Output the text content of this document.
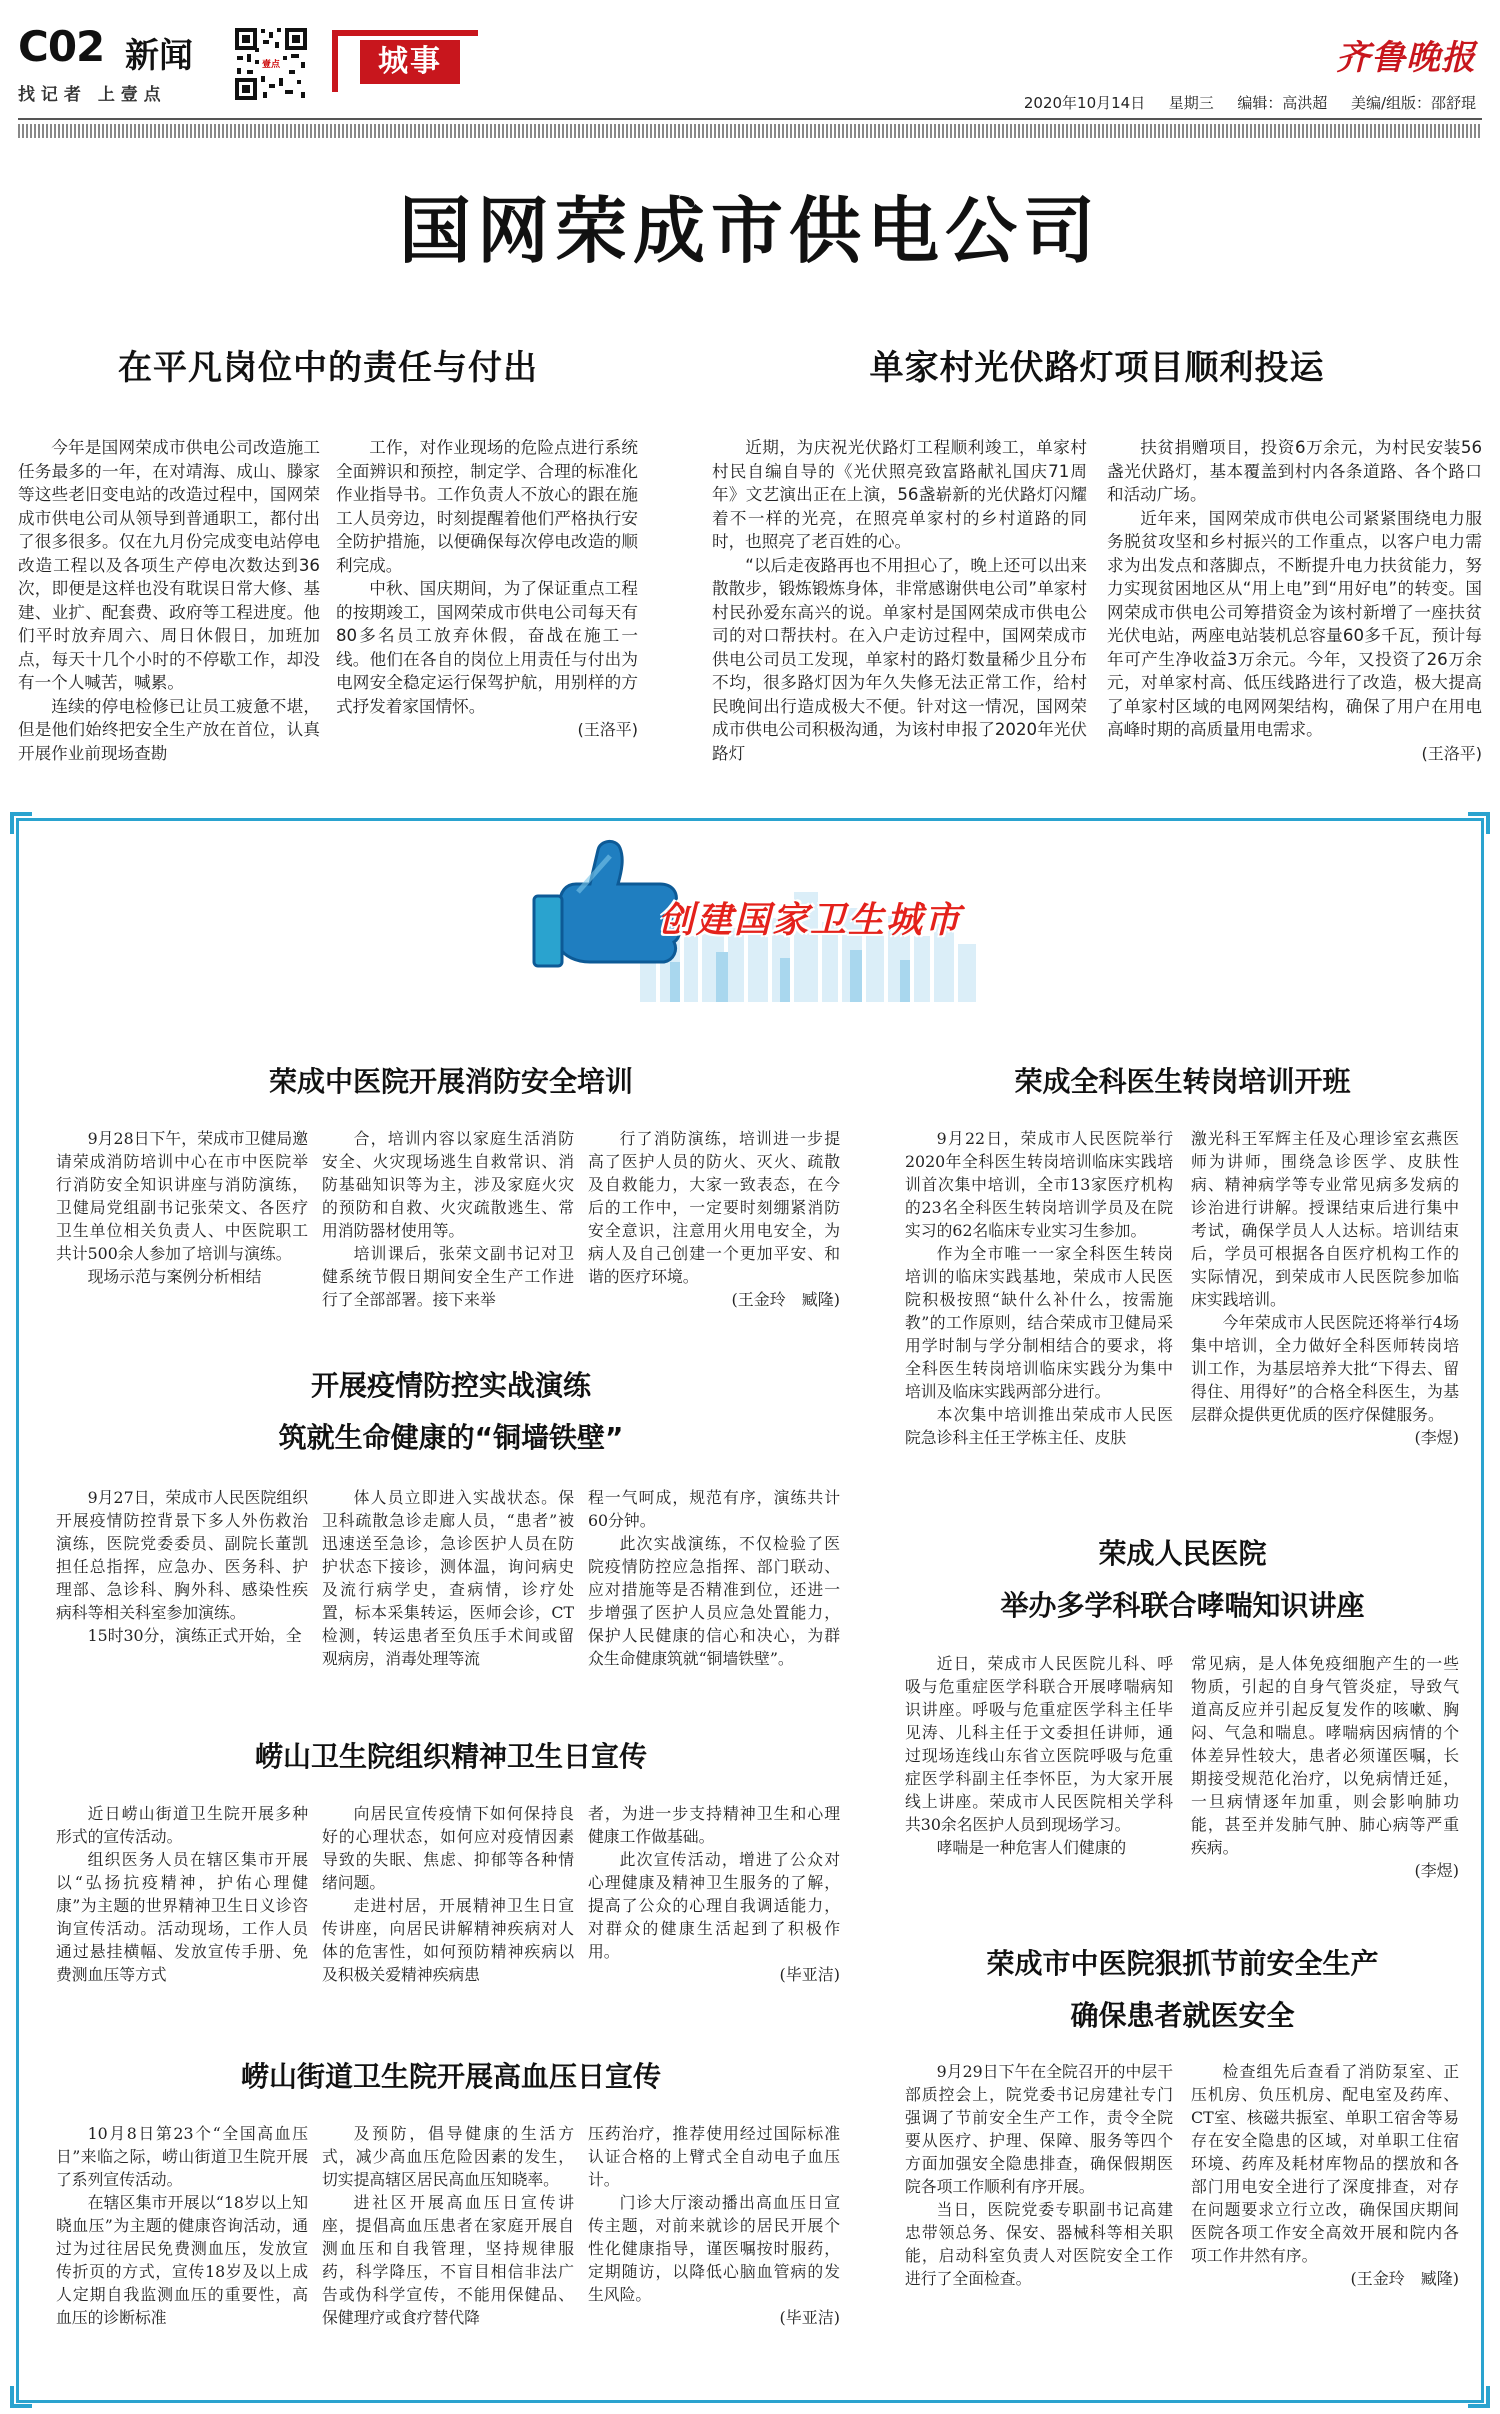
C02 新闻
找 记 者　上 壹 点
壹点	城事	齐鲁晚报
2020年10月14日 星期三 编辑：高洪超 美编/组版：邵舒琨
国网荣成市供电公司
在平凡岗位中的责任与付出

今年是国网荣成市供电公司改造施工任务最多的一年，在对靖海、成山、滕家等这些老旧变电站的改造过程中，国网荣成市供电公司从领导到普通职工，都付出了很多很多。仅在九月份完成变电站停电改造工程以及各项生产停电次数达到36次，即便是这样也没有耽误日常大修、基建、业扩、配套费、政府等工程进度。他们平时放弃周六、周日休假日，加班加点，每天十几个小时的不停歇工作，却没有一个人喊苦，喊累。

连续的停电检修已让员工疲惫不堪，但是他们始终把安全生产放在首位，认真开展作业前现场查勘

工作，对作业现场的危险点进行系统全面辨识和预控，制定学、合理的标准化作业指导书。工作负责人不放心的跟在施工人员旁边，时刻提醒着他们严格执行安全防护措施，以便确保每次停电改造的顺利完成。

中秋、国庆期间，为了保证重点工程的按期竣工，国网荣成市供电公司每天有80多名员工放弃休假，奋战在施工一线。他们在各自的岗位上用责任与付出为电网安全稳定运行保驾护航，用别样的方式抒发着家国情怀。

(王洛平)

单家村光伏路灯项目顺利投运

近期，为庆祝光伏路灯工程顺利竣工，单家村村民自编自导的《光伏照亮致富路献礼国庆71周年》文艺演出正在上演，56盏崭新的光伏路灯闪耀着不一样的光亮，在照亮单家村的乡村道路的同时，也照亮了老百姓的心。

“以后走夜路再也不用担心了，晚上还可以出来散散步，锻炼锻炼身体，非常感谢供电公司”单家村村民孙爱东高兴的说。单家村是国网荣成市供电公司的对口帮扶村。在入户走访过程中，国网荣成市供电公司员工发现，单家村的路灯数量稀少且分布不均，很多路灯因为年久失修无法正常工作，给村民晚间出行造成极大不便。针对这一情况，国网荣成市供电公司积极沟通，为该村申报了2020年光伏路灯

扶贫捐赠项目，投资6万余元，为村民安装56盏光伏路灯，基本覆盖到村内各条道路、各个路口和活动广场。

近年来，国网荣成市供电公司紧紧围绕电力服务脱贫攻坚和乡村振兴的工作重点，以客户电力需求为出发点和落脚点，不断提升电力扶贫能力，努力实现贫困地区从“用上电”到“用好电”的转变。国网荣成市供电公司筹措资金为该村新增了一座扶贫光伏电站，两座电站装机总容量60多千瓦，预计每年可产生净收益3万余元。今年，又投资了26万余元，对单家村高、低压线路进行了改造，极大提高了单家村区域的电网网架结构，确保了用户在用电高峰时期的高质量用电需求。

(王洛平)

创建国家卫生城市
荣成中医院开展消防安全培训

9月28日下午，荣成市卫健局邀请荣成消防培训中心在市中医院举行消防安全知识讲座与消防演练，卫健局党组副书记张荣文、各医疗卫生单位相关负责人、中医院职工共计500余人参加了培训与演练。

现场示范与案例分析相结

合，培训内容以家庭生活消防安全、火灾现场逃生自救常识、消防基础知识等为主，涉及家庭火灾的预防和自救、火灾疏散逃生、常用消防器材使用等。

培训课后，张荣文副书记对卫健系统节假日期间安全生产工作进行了全部部署。接下来举

行了消防演练，培训进一步提高了医护人员的防火、灭火、疏散及自救能力，大家一致表态，在今后的工作中，一定要时刻绷紧消防安全意识，注意用火用电安全，为病人及自己创建一个更加平安、和谐的医疗环境。

(王金玲　臧隆)

开展疫情防控实战演练
筑就生命健康的“铜墙铁壁”

9月27日，荣成市人民医院组织开展疫情防控背景下多人外伤救治演练，医院党委委员、副院长董凯担任总指挥，应急办、医务科、护理部、急诊科、胸外科、感染性疾病科等相关科室参加演练。

15时30分，演练正式开始，全

体人员立即进入实战状态。保卫科疏散急诊走廊人员，“患者”被迅速送至急诊，急诊医护人员在防护状态下接诊，测体温，询问病史及流行病学史，查病情，诊疗处置，标本采集转运，医师会诊，CT检测，转运患者至负压手术间或留观病房，消毒处理等流

程一气呵成，规范有序，演练共计60分钟。

此次实战演练，不仅检验了医院疫情防控应急指挥、部门联动、应对措施等是否精准到位，还进一步增强了医护人员应急处置能力，保护人民健康的信心和决心，为群众生命健康筑就“铜墙铁壁”。

崂山卫生院组织精神卫生日宣传

近日崂山街道卫生院开展多种形式的宣传活动。

组织医务人员在辖区集市开展以“弘扬抗疫精神，护佑心理健康”为主题的世界精神卫生日义诊咨询宣传活动。活动现场，工作人员通过悬挂横幅、发放宣传手册、免费测血压等方式

向居民宣传疫情下如何保持良好的心理状态，如何应对疫情因素导致的失眠、焦虑、抑郁等各种情绪问题。

走进村居，开展精神卫生日宣传讲座，向居民讲解精神疾病对人体的危害性，如何预防精神疾病以及积极关爱精神疾病患

者，为进一步支持精神卫生和心理健康工作做基础。

此次宣传活动，增进了公众对心理健康及精神卫生服务的了解，提高了公众的心理自我调适能力，对群众的健康生活起到了积极作用。

(毕亚洁)

崂山街道卫生院开展高血压日宣传

10月8日第23个“全国高血压日”来临之际，崂山街道卫生院开展了系列宣传活动。

在辖区集市开展以“18岁以上知晓血压”为主题的健康咨询活动，通过为过往居民免费测血压，发放宣传折页的方式，宣传18岁及以上成人定期自我监测血压的重要性，高血压的诊断标准

及预防，倡导健康的生活方式，减少高血压危险因素的发生，切实提高辖区居民高血压知晓率。

进社区开展高血压日宣传讲座，提倡高血压患者在家庭开展自测血压和自我管理，坚持规律服药，科学降压，不盲目相信非法广告或伪科学宣传，不能用保健品、保健理疗或食疗替代降

压药治疗，推荐使用经过国际标准认证合格的上臂式全自动电子血压计。

门诊大厅滚动播出高血压日宣传主题，对前来就诊的居民开展个性化健康指导，谨医嘱按时服药，定期随访，以降低心脑血管病的发生风险。

(毕亚洁)

荣成全科医生转岗培训开班

9月22日，荣成市人民医院举行2020年全科医生转岗培训临床实践培训首次集中培训，全市13家医疗机构的23名全科医生转岗培训学员及在院实习的62名临床专业实习生参加。

作为全市唯一一家全科医生转岗培训的临床实践基地，荣成市人民医院积极按照“缺什么补什么，按需施教”的工作原则，结合荣成市卫健局采用学时制与学分制相结合的要求，将全科医生转岗培训临床实践分为集中培训及临床实践两部分进行。

本次集中培训推出荣成市人民医院急诊科主任王学栋主任、皮肤

激光科王军辉主任及心理诊室玄燕医师为讲师，围绕急诊医学、皮肤性病、精神病学等专业常见病多发病的诊治进行讲解。授课结束后进行集中考试，确保学员人人达标。培训结束后，学员可根据各自医疗机构工作的实际情况，到荣成市人民医院参加临床实践培训。

今年荣成市人民医院还将举行4场集中培训，全力做好全科医师转岗培训工作，为基层培养大批“下得去、留得住、用得好”的合格全科医生，为基层群众提供更优质的医疗保健服务。

(李煜)

荣成人民医院
举办多学科联合哮喘知识讲座

近日，荣成市人民医院儿科、呼吸与危重症医学科联合开展哮喘病知识讲座。呼吸与危重症医学科主任毕见涛、儿科主任于文委担任讲师，通过现场连线山东省立医院呼吸与危重症医学科副主任李怀臣，为大家开展线上讲座。荣成市人民医院相关学科共30余名医护人员到现场学习。

哮喘是一种危害人们健康的

常见病，是人体免疫细胞产生的一些物质，引起的自身气管炎症，导致气道高反应并引起反复发作的咳嗽、胸闷、气急和喘息。哮喘病因病情的个体差异性较大，患者必须谨医嘱，长期接受规范化治疗，以免病情迁延，一旦病情逐年加重，则会影响肺功能，甚至并发肺气肿、肺心病等严重疾病。

(李煜)

荣成市中医院狠抓节前安全生产
确保患者就医安全

9月29日下午在全院召开的中层干部质控会上，院党委书记房建社专门强调了节前安全生产工作，责令全院要从医疗、护理、保障、服务等四个方面加强安全隐患排查，确保假期医院各项工作顺利有序开展。

当日，医院党委专职副书记高建忠带领总务、保安、器械科等相关职能，启动科室负责人对医院安全工作进行了全面检查。

检查组先后查看了消防泵室、正压机房、负压机房、配电室及药库、CT室、核磁共振室、单职工宿舍等易存在安全隐患的区域，对单职工住宿环境、药库及耗材库物品的摆放和各部门用电安全进行了深度排查，对存在问题要求立行立改，确保国庆期间医院各项工作安全高效开展和院内各项工作井然有序。

(王金玲　臧隆)
